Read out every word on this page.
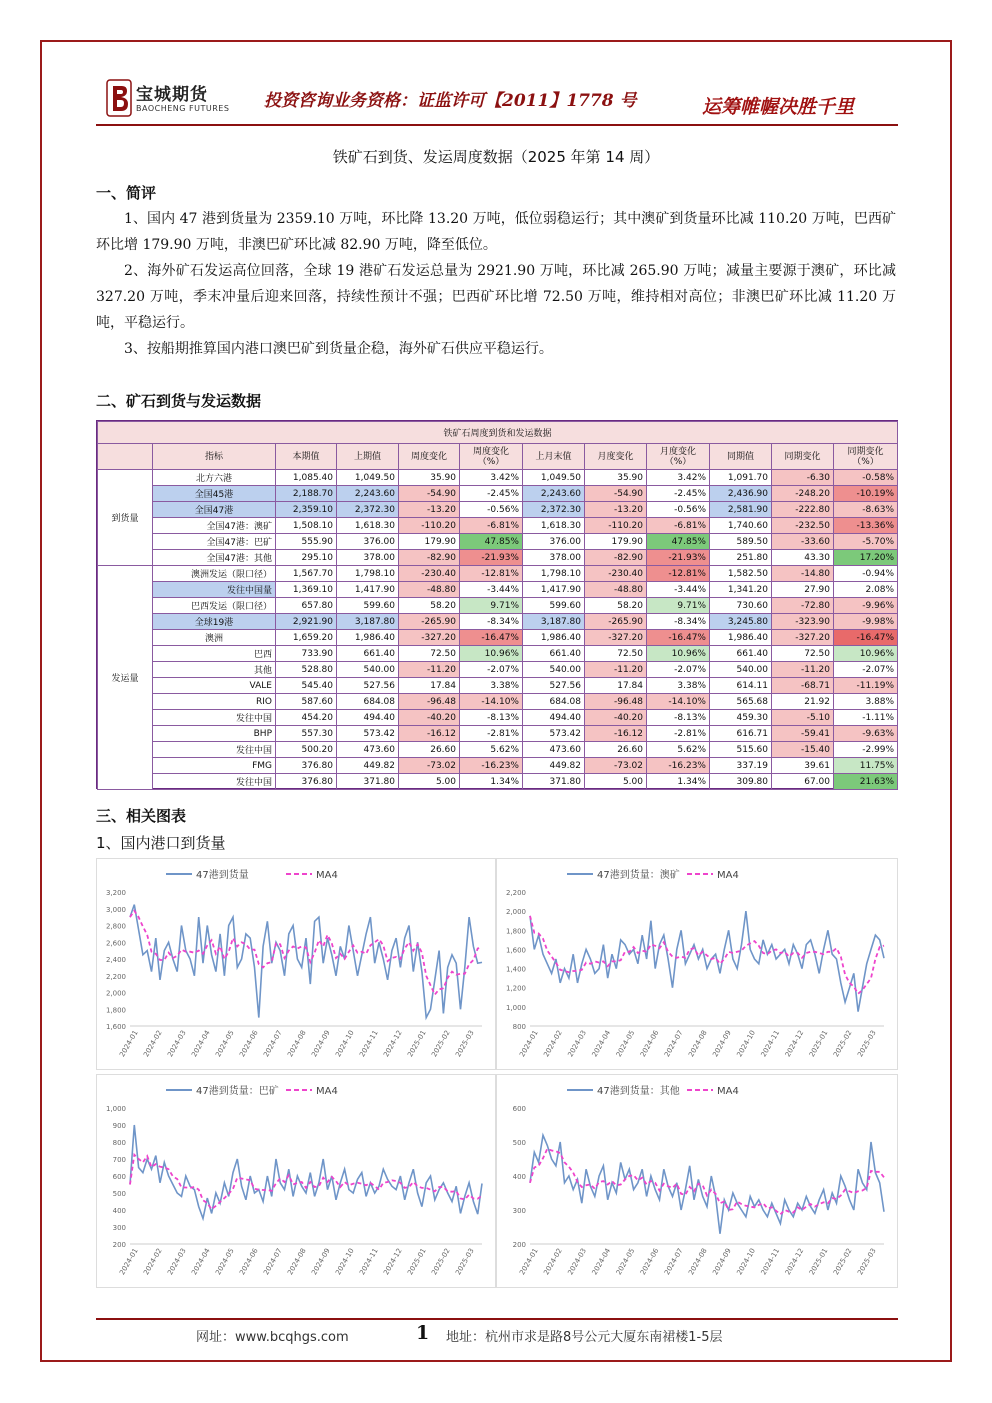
宝城期货
BAOCHENG FUTURES 投资咨询业务资格：证监许可【2011】1778 号	运筹帷幄决胜千里
铁矿石到货、发运周度数据（2025 年第 14 周）
一、简评

1、国内 47 港到货量为 2359.10 万吨，环比降 13.20 万吨，低位弱稳运行；其中澳矿到货量环比减 110.20 万吨，巴西矿环比增 179.90 万吨，非澳巴矿环比减 82.90 万吨，降至低位。

2、海外矿石发运高位回落，全球 19 港矿石发运总量为 2921.90 万吨，环比减 265.90 万吨；减量主要源于澳矿，环比减 327.20 万吨，季末冲量后迎来回落，持续性预计不强；巴西矿环比增 72.50 万吨，维持相对高位；非澳巴矿环比减 11.20 万吨，平稳运行。

3、按船期推算国内港口澳巴矿到货量企稳，海外矿石供应平稳运行。

二、矿石到货与发运数据
铁矿石周度到货和发运数据											
	指标	本期值	上期值	周度变化	周度变化（%）	上月末值	月度变化	月度变化（%）	同期值	同期变化	同期变化（%）
到货量	北方六港	1,085.40	1,049.50	35.90	3.42%	1,049.50	35.90	3.42%	1,091.70	-6.30	-0.58%
	全国45港	2,188.70	2,243.60	-54.90	-2.45%	2,243.60	-54.90	-2.45%	2,436.90	-248.20	-10.19%
	全国47港	2,359.10	2,372.30	-13.20	-0.56%	2,372.30	-13.20	-0.56%	2,581.90	-222.80	-8.63%
	全国47港：澳矿	1,508.10	1,618.30	-110.20	-6.81%	1,618.30	-110.20	-6.81%	1,740.60	-232.50	-13.36%
	全国47港：巴矿	555.90	376.00	179.90	47.85%	376.00	179.90	47.85%	589.50	-33.60	-5.70%
	全国47港：其他	295.10	378.00	-82.90	-21.93%	378.00	-82.90	-21.93%	251.80	43.30	17.20%
发运量	澳洲发运（限口径）	1,567.70	1,798.10	-230.40	-12.81%	1,798.10	-230.40	-12.81%	1,582.50	-14.80	-0.94%
	发往中国量	1,369.10	1,417.90	-48.80	-3.44%	1,417.90	-48.80	-3.44%	1,341.20	27.90	2.08%
	巴西发运（限口径）	657.80	599.60	58.20	9.71%	599.60	58.20	9.71%	730.60	-72.80	-9.96%
	全球19港	2,921.90	3,187.80	-265.90	-8.34%	3,187.80	-265.90	-8.34%	3,245.80	-323.90	-9.98%
	澳洲	1,659.20	1,986.40	-327.20	-16.47%	1,986.40	-327.20	-16.47%	1,986.40	-327.20	-16.47%
	巴西	733.90	661.40	72.50	10.96%	661.40	72.50	10.96%	661.40	72.50	10.96%
	其他	528.80	540.00	-11.20	-2.07%	540.00	-11.20	-2.07%	540.00	-11.20	-2.07%
	VALE	545.40	527.56	17.84	3.38%	527.56	17.84	3.38%	614.11	-68.71	-11.19%
	RIO	587.60	684.08	-96.48	-14.10%	684.08	-96.48	-14.10%	565.68	21.92	3.88%
	发往中国	454.20	494.40	-40.20	-8.13%	494.40	-40.20	-8.13%	459.30	-5.10	-1.11%
	BHP	557.30	573.42	-16.12	-2.81%	573.42	-16.12	-2.81%	616.71	-59.41	-9.63%
	发往中国	500.20	473.60	26.60	5.62%	473.60	26.60	5.62%	515.60	-15.40	-2.99%
	FMG	376.80	449.82	-73.02	-16.23%	449.82	-73.02	-16.23%	337.19	39.61	11.75%
	发往中国	376.80	371.80	5.00	1.34%	371.80	5.00	1.34%	309.80	67.00	21.63%
三、相关图表
1、国内港口到货量
47港到货量	MA4
3,200
3,000
2,800
2,600
2,400
2,200
2,000
1,800
1,600
2024-01 2024-02 2024-03 2024-04 2024-05 2024-06 2024-07 2024-08 2024-09 2024-10 2024-11 2024-12 2025-01 2025-02 2025-03
47港到货量：澳矿	MA4
2,200
2,000
1,800
1,600
1,400
1,200
1,000
800
2024-01 2024-02 2024-03 2024-04 2024-05 2024-06 2024-07 2024-08 2024-09 2024-10 2024-11 2024-12 2025-01 2025-02 2025-03
47港到货量：巴矿	MA4
1,000
900
800
700
600
500
400
300
200
2024-01 2024-02 2024-03 2024-04 2024-05 2024-06 2024-07 2024-08 2024-09 2024-10 2024-11 2024-12 2025-01 2025-02 2025-03
47港到货量：其他	MA4
600
500
400
300
200
2024-01 2024-02 2024-03 2024-04 2024-05 2024-06 2024-07 2024-08 2024-09 2024-10 2024-11 2024-12 2025-01 2025-02 2025-03
网址：www.bcqhgs.com	1 地址：杭州市求是路8号公元大厦东南裙楼1-5层
